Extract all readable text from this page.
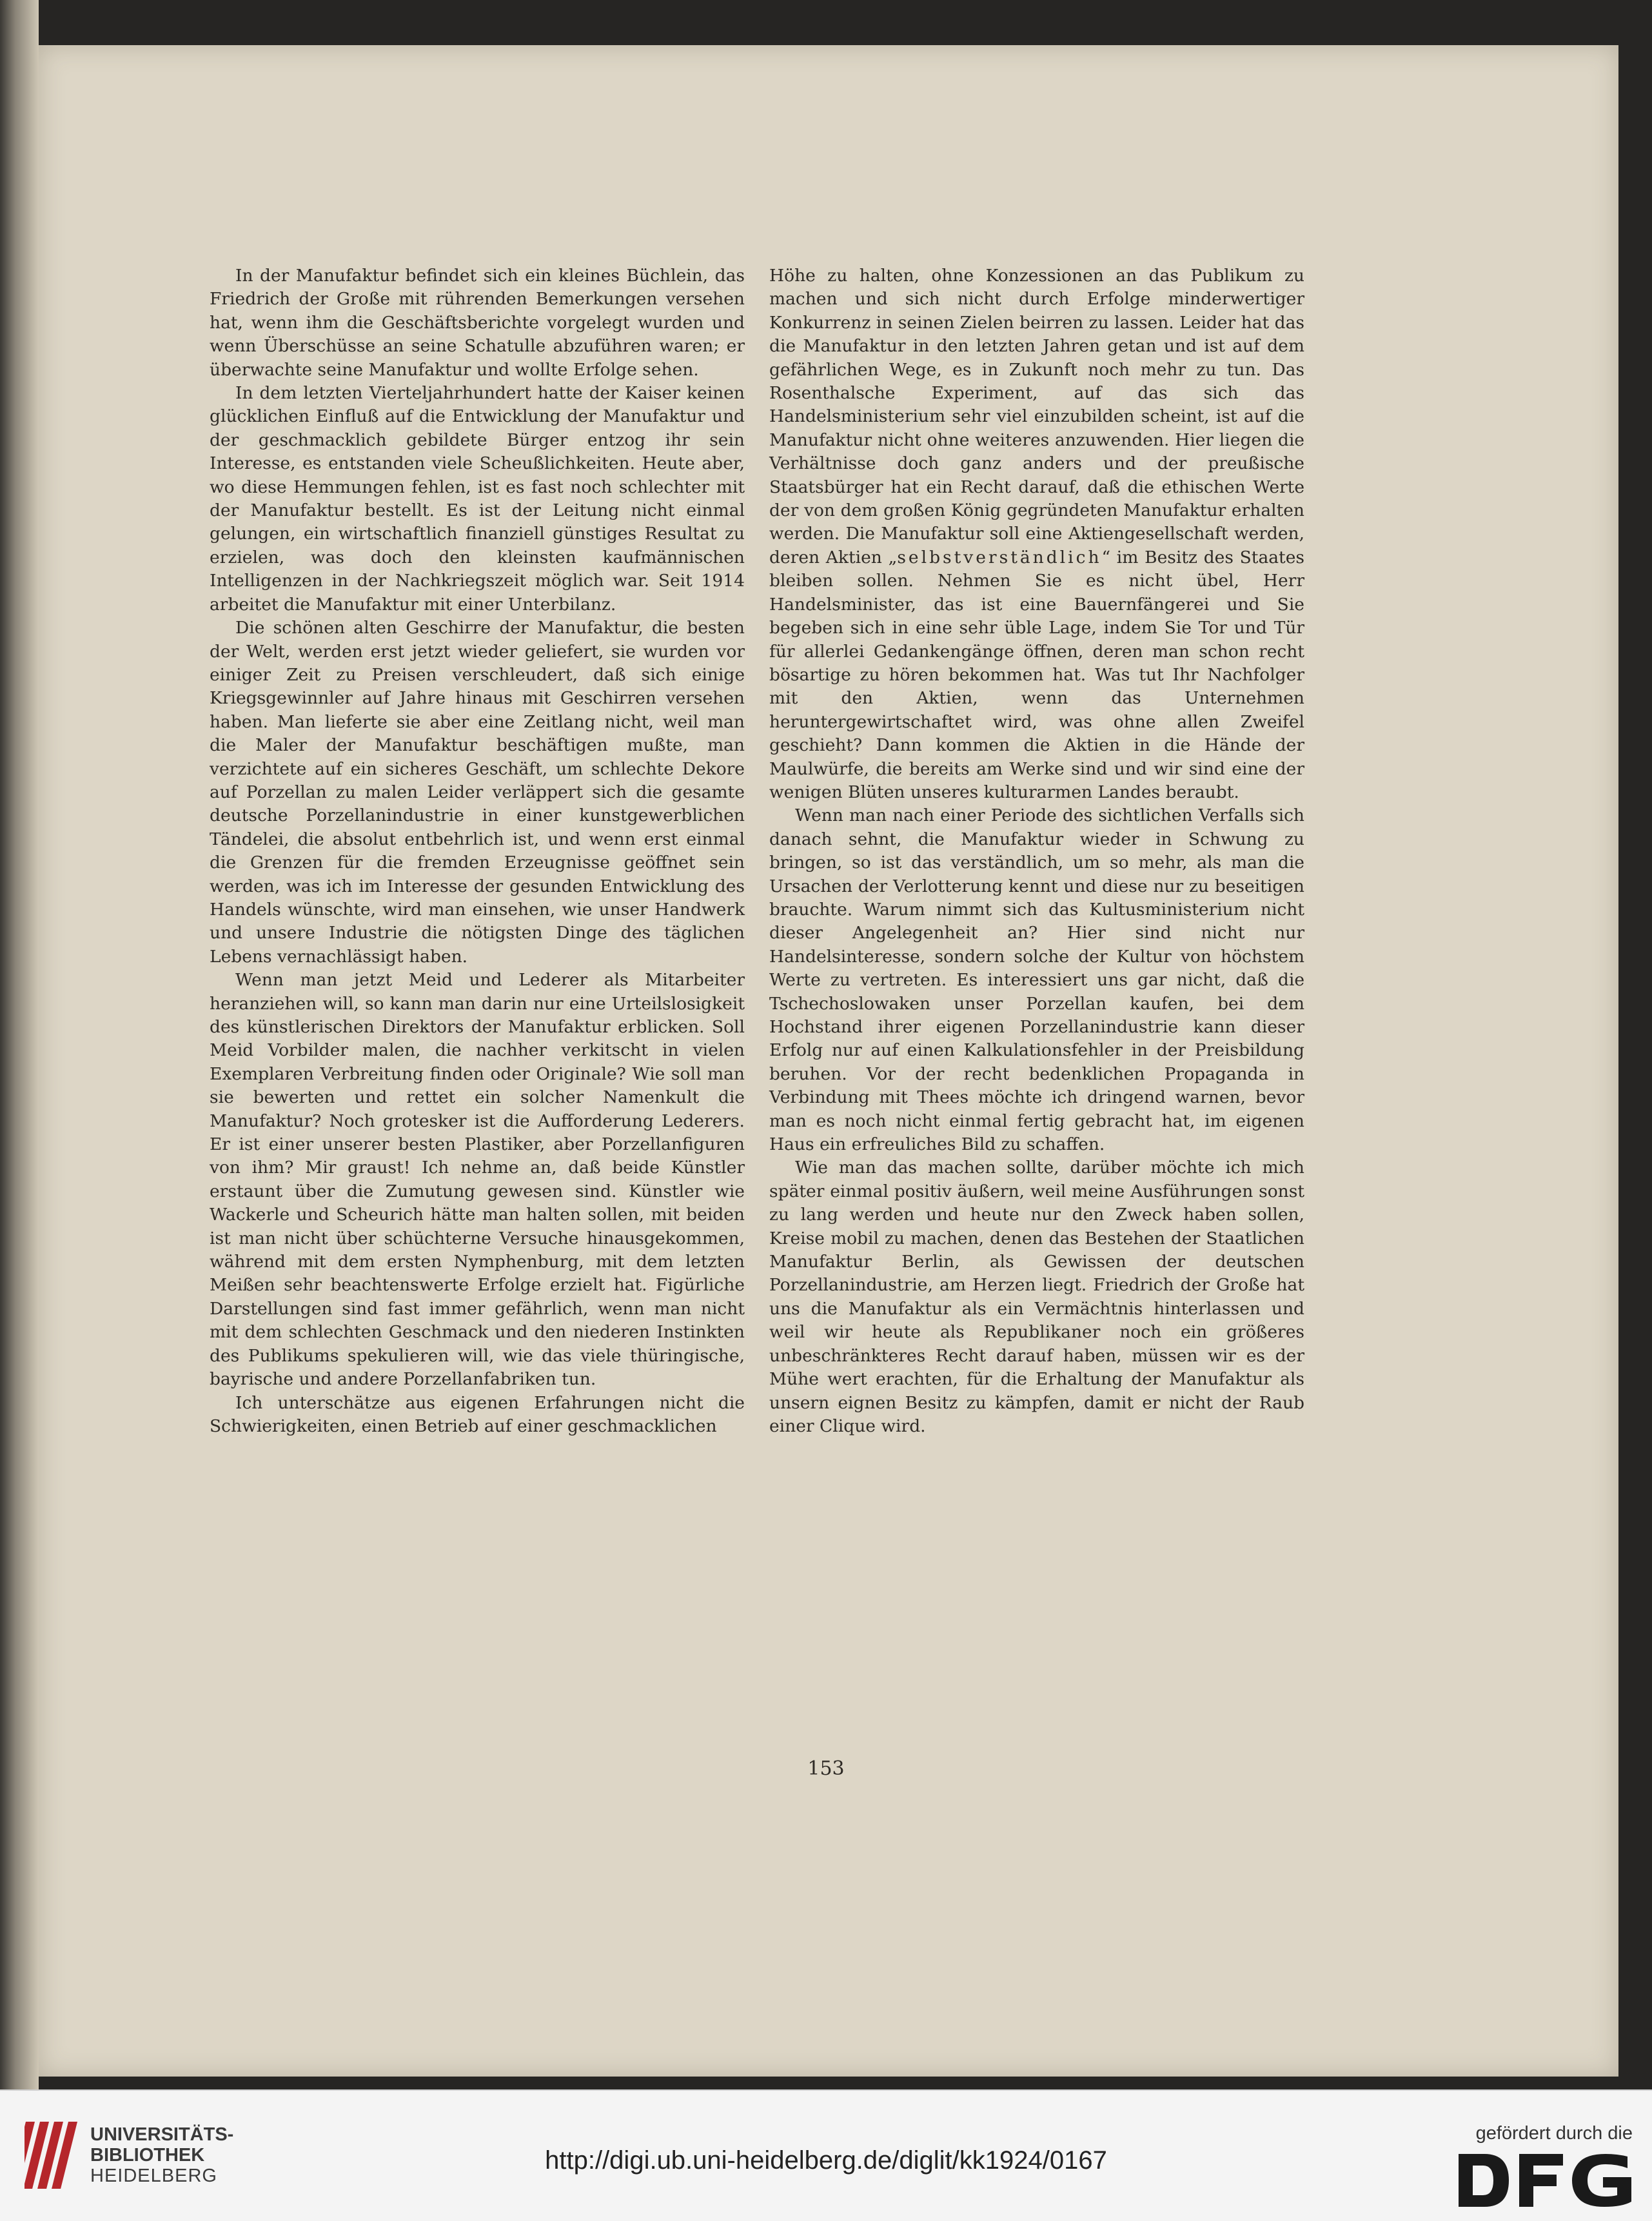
In der Manufaktur befindet sich ein kleines Büchlein, das Friedrich der Große mit rührenden Bemerkungen versehen hat, wenn ihm die Geschäftsberichte vorgelegt wurden und wenn Überschüsse an seine Schatulle abzuführen waren; er überwachte seine Manufaktur und wollte Erfolge sehen.

In dem letzten Vierteljahrhundert hatte der Kaiser keinen glücklichen Einfluß auf die Entwicklung der Manufaktur und der geschmacklich gebildete Bürger entzog ihr sein Interesse, es entstanden viele Scheußlichkeiten. Heute aber, wo diese Hemmungen fehlen, ist es fast noch schlechter mit der Manufaktur bestellt. Es ist der Leitung nicht einmal gelungen, ein wirtschaftlich finanziell günstiges Resultat zu erzielen, was doch den kleinsten kaufmännischen Intelligenzen in der Nachkriegszeit möglich war. Seit 1914 arbeitet die Manufaktur mit einer Unterbilanz.

Die schönen alten Geschirre der Manufaktur, die besten der Welt, werden erst jetzt wieder geliefert, sie wurden vor einiger Zeit zu Preisen verschleudert, daß sich einige Kriegsgewinnler auf Jahre hinaus mit Geschirren versehen haben. Man lieferte sie aber eine Zeitlang nicht, weil man die Maler der Manufaktur beschäftigen mußte, man verzichtete auf ein sicheres Geschäft, um schlechte Dekore auf Porzellan zu malen Leider verläppert sich die gesamte deutsche Porzellanindustrie in einer kunstgewerblichen Tändelei, die absolut entbehrlich ist, und wenn erst einmal die Grenzen für die fremden Erzeugnisse geöffnet sein werden, was ich im Interesse der gesunden Entwicklung des Handels wünschte, wird man einsehen, wie unser Handwerk und unsere Industrie die nötigsten Dinge des täglichen Lebens vernachlässigt haben.

Wenn man jetzt Meid und Lederer als Mitarbeiter heranziehen will, so kann man darin nur eine Urteilslosigkeit des künstlerischen Direktors der Manufaktur erblicken. Soll Meid Vorbilder malen, die nachher verkitscht in vielen Exemplaren Verbreitung finden oder Originale? Wie soll man sie bewerten und rettet ein solcher Namenkult die Manufaktur? Noch grotesker ist die Aufforderung Lederers. Er ist einer unserer besten Plastiker, aber Porzellanfiguren von ihm? Mir graust! Ich nehme an, daß beide Künstler erstaunt über die Zumutung gewesen sind. Künstler wie Wackerle und Scheurich hätte man halten sollen, mit beiden ist man nicht über schüchterne Versuche hinausgekommen, während mit dem ersten Nymphenburg, mit dem letzten Meißen sehr beachtenswerte Erfolge erzielt hat. Figürliche Darstellungen sind fast immer gefährlich, wenn man nicht mit dem schlechten Geschmack und den niederen Instinkten des Publikums spekulieren will, wie das viele thüringische, bayrische und andere Porzellanfabriken tun.

Ich unterschätze aus eigenen Erfahrungen nicht die Schwierigkeiten, einen Betrieb auf einer geschmacklichen

Höhe zu halten, ohne Konzessionen an das Publikum zu machen und sich nicht durch Erfolge minderwertiger Konkurrenz in seinen Zielen beirren zu lassen. Leider hat das die Manufaktur in den letzten Jahren getan und ist auf dem gefährlichen Wege, es in Zukunft noch mehr zu tun. Das Rosenthalsche Experiment, auf das sich das Handelsministerium sehr viel einzubilden scheint, ist auf die Manufaktur nicht ohne weiteres anzuwenden. Hier liegen die Verhältnisse doch ganz anders und der preußische Staatsbürger hat ein Recht darauf, daß die ethischen Werte der von dem großen König gegründeten Manufaktur erhalten werden. Die Manufaktur soll eine Aktiengesellschaft werden, deren Aktien „selbstverständlich“ im Besitz des Staates bleiben sollen. Nehmen Sie es nicht übel, Herr Handelsminister, das ist eine Bauernfängerei und Sie begeben sich in eine sehr üble Lage, indem Sie Tor und Tür für allerlei Gedankengänge öffnen, deren man schon recht bösartige zu hören bekommen hat. Was tut Ihr Nachfolger mit den Aktien, wenn das Unternehmen heruntergewirtschaftet wird, was ohne allen Zweifel geschieht? Dann kommen die Aktien in die Hände der Maulwürfe, die bereits am Werke sind und wir sind eine der wenigen Blüten unseres kulturarmen Landes beraubt.

Wenn man nach einer Periode des sichtlichen Verfalls sich danach sehnt, die Manufaktur wieder in Schwung zu bringen, so ist das verständlich, um so mehr, als man die Ursachen der Verlotterung kennt und diese nur zu beseitigen brauchte. Warum nimmt sich das Kultusministerium nicht dieser Angelegenheit an? Hier sind nicht nur Handelsinteresse, sondern solche der Kultur von höchstem Werte zu vertreten. Es interessiert uns gar nicht, daß die Tschechoslowaken unser Porzellan kaufen, bei dem Hochstand ihrer eigenen Porzellanindustrie kann dieser Erfolg nur auf einen Kalkulationsfehler in der Preisbildung beruhen. Vor der recht bedenklichen Propaganda in Verbindung mit Thees möchte ich dringend warnen, bevor man es noch nicht einmal fertig gebracht hat, im eigenen Haus ein erfreuliches Bild zu schaffen.

Wie man das machen sollte, darüber möchte ich mich später einmal positiv äußern, weil meine Ausführungen sonst zu lang werden und heute nur den Zweck haben sollen, Kreise mobil zu machen, denen das Bestehen der Staatlichen Manufaktur Berlin, als Gewissen der deutschen Porzellanindustrie, am Herzen liegt. Friedrich der Große hat uns die Manufaktur als ein Vermächtnis hinterlassen und weil wir heute als Republikaner noch ein größeres unbeschränkteres Recht darauf haben, müssen wir es der Mühe wert erachten, für die Erhaltung der Manufaktur als unsern eignen Besitz zu kämpfen, damit er nicht der Raub einer Clique wird.

153
UNIVERSITÄTS-
BIBLIOTHEK
HEIDELBERG
http://digi.ub.uni-heidelberg.de/diglit/kk1924/0167
gefördert durch die
